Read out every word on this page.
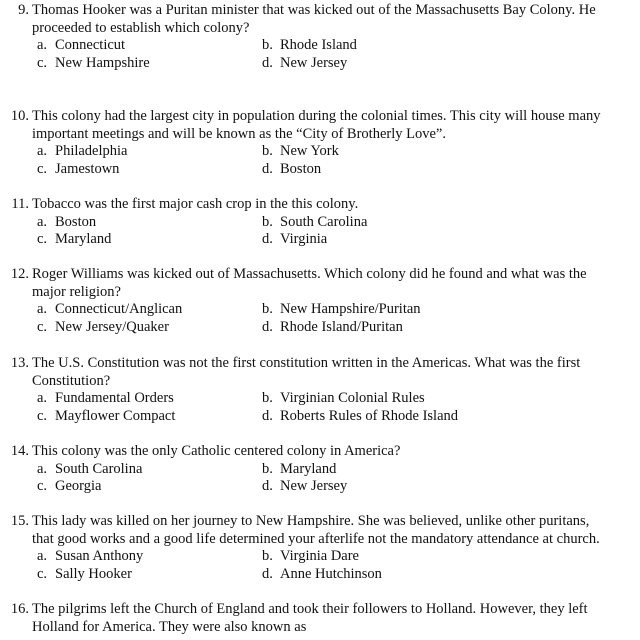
9. Thomas Hooker was a Puritan minister that was kicked out of the Massachusetts Bay Colony. He
proceeded to establish which colony?
a. Connecticut	b. Rhode Island
c. New Hampshire	d. New Jersey
10. This colony had the largest city in population during the colonial times. This city will house many
important meetings and will be known as the “City of Brotherly Love”.
a. Philadelphia	b. New York
c. Jamestown	d. Boston
11. Tobacco was the first major cash crop in the this colony.
a. Boston	b. South Carolina
c. Maryland	d. Virginia
12. Roger Williams was kicked out of Massachusetts. Which colony did he found and what was the
major religion?
a. Connecticut/Anglican	b. New Hampshire/Puritan
c. New Jersey/Quaker	d. Rhode Island/Puritan
13. The U.S. Constitution was not the first constitution written in the Americas. What was the first
Constitution?
a. Fundamental Orders	b. Virginian Colonial Rules
c. Mayflower Compact	d. Roberts Rules of Rhode Island
14. This colony was the only Catholic centered colony in America?
a. South Carolina	b. Maryland
c. Georgia	d. New Jersey
15. This lady was killed on her journey to New Hampshire. She was believed, unlike other puritans,
that good works and a good life determined your afterlife not the mandatory attendance at church.
a. Susan Anthony	b. Virginia Dare
c. Sally Hooker	d. Anne Hutchinson
16. The pilgrims left the Church of England and took their followers to Holland. However, they left
Holland for America. They were also known as
